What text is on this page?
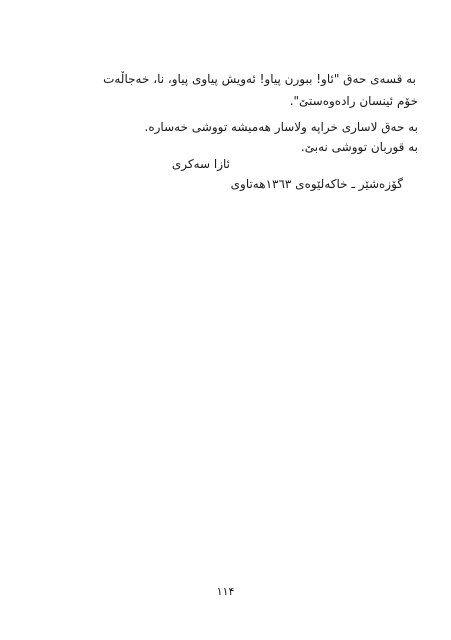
بە قسەی حەق "ئاو! ببورن پیاو! ئەویش پیاوی پیاو، نا، خەجاڵەت
خۆم ئینسان رادەوەستێ".
بە حەق لاساری خراپە ولاسار هەمیشە تووشی خەسارە.
بە قوربان تووشی نەبێ.
ئازا سەکری
گۆزەشێر ـ خاکەلێوەی ١٣٦٣هەتاوی
١١۴
